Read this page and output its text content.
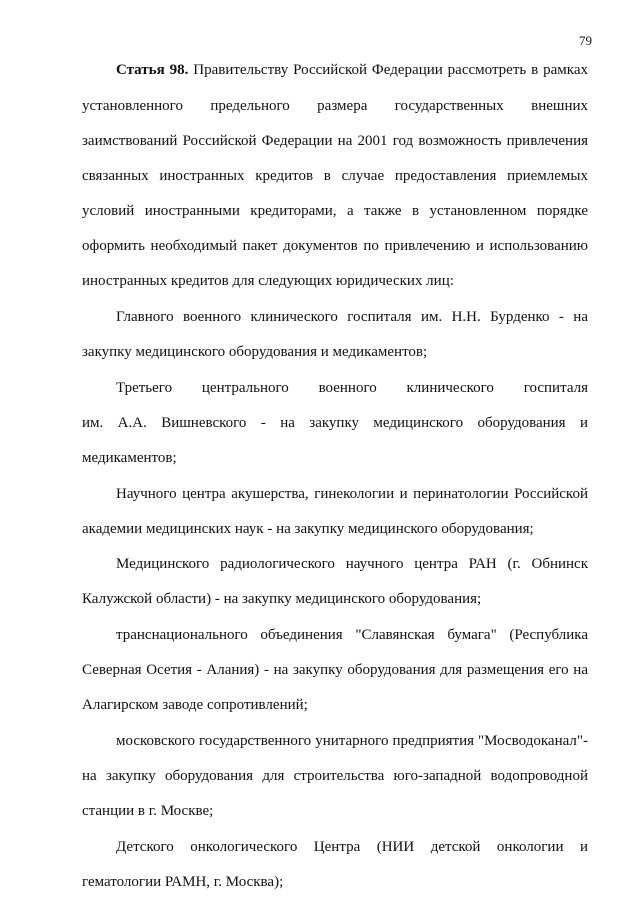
79
Статья 98. Правительству Российской Федерации рассмотреть в рамках
установленного предельного размера государственных внешних
заимствований Российской Федерации на 2001 год возможность привлечения
связанных иностранных кредитов в случае предоставления приемлемых
условий иностранными кредиторами, а также в установленном порядке
оформить необходимый пакет документов по привлечению и использованию
иностранных кредитов для следующих юридических лиц:
Главного военного клинического госпиталя им. Н.Н. Бурденко - на
закупку медицинского оборудования и медикаментов;
Третьего центрального военного клинического госпиталя
им. А.А. Вишневского - на закупку медицинского оборудования и
медикаментов;
Научного центра акушерства, гинекологии и перинатологии Российской
академии медицинских наук - на закупку медицинского оборудования;
Медицинского радиологического научного центра РАН (г. Обнинск
Калужской области) - на закупку медицинского оборудования;
транснационального объединения "Славянская бумага" (Республика
Северная Осетия - Алания) - на закупку оборудования для размещения его на
Алагирском заводе сопротивлений;
московского государственного унитарного предприятия "Мосводоканал"-
на закупку оборудования для строительства юго-западной водопроводной
станции в г. Москве;
Детского онкологического Центра (НИИ детской онкологии и
гематологии РАМН, г. Москва);
